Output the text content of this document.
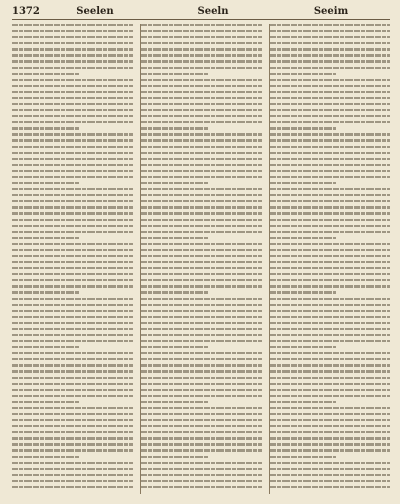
1372	Seelen	Seeln	Seeim
